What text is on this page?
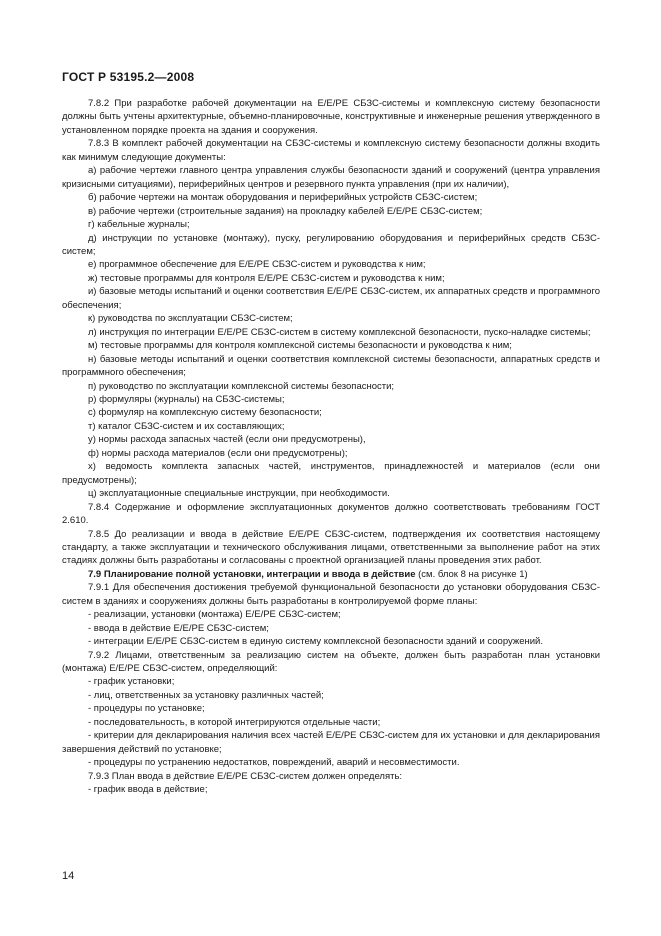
ГОСТ Р 53195.2—2008

7.8.2 При разработке рабочей документации на Е/Е/РЕ СБЗС-системы и комплексную систему безопасности должны быть учтены архитектурные, объемно-планировочные, конструктивные и инженерные решения утвержденного в установленном порядке проекта на здания и сооружения.

7.8.3 В комплект рабочей документации на СБЗС-системы и комплексную систему безопасности должны входить как минимум следующие документы:

а) рабочие чертежи главного центра управления службы безопасности зданий и сооружений (центра управления кризисными ситуациями), периферийных центров и резервного пункта управления (при их наличии),

б) рабочие чертежи на монтаж оборудования и периферийных устройств СБЗС-систем;

в) рабочие чертежи (строительные задания) на прокладку кабелей Е/Е/РЕ СБЗС-систем;

г) кабельные журналы;

д) инструкции по установке (монтажу), пуску, регулированию оборудования и периферийных средств СБЗС-систем;

е) программное обеспечение для Е/Е/РЕ СБЗС-систем и руководства к ним;

ж) тестовые программы для контроля Е/Е/РЕ СБЗС-систем и руководства к ним;

и) базовые методы испытаний и оценки соответствия Е/Е/РЕ СБЗС-систем, их аппаратных средств и программного обеспечения;

к) руководства по эксплуатации СБЗС-систем;

л) инструкция по интеграции Е/Е/РЕ СБЗС-систем в систему комплексной безопасности, пуско-наладке системы;

м) тестовые программы для контроля комплексной системы безопасности и руководства к ним;

н) базовые методы испытаний и оценки соответствия комплексной системы безопасности, аппаратных средств и программного обеспечения;

п) руководство по эксплуатации комплексной системы безопасности;

р) формуляры (журналы) на СБЗС-системы;

с) формуляр на комплексную систему безопасности;

т) каталог СБЗС-систем и их составляющих;

у) нормы расхода запасных частей (если они предусмотрены),

ф) нормы расхода материалов (если они предусмотрены);

х) ведомость комплекта запасных частей, инструментов, принадлежностей и материалов (если они предусмотрены);

ц) эксплуатационные специальные инструкции, при необходимости.

7.8.4 Содержание и оформление эксплуатационных документов должно соответствовать требованиям ГОСТ 2.610.

7.8.5 До реализации и ввода в действие Е/Е/РЕ СБЗС-систем, подтверждения их соответствия настоящему стандарту, а также эксплуатации и технического обслуживания лицами, ответственными за выполнение работ на этих стадиях должны быть разработаны и согласованы с проектной организацией планы проведения этих работ.

7.9 Планирование полной установки, интеграции и ввода в действие (см. блок 8 на рисунке 1)

7.9.1 Для обеспечения достижения требуемой функциональной безопасности до установки оборудования СБЗС-систем в зданиях и сооружениях должны быть разработаны в контролируемой форме планы:

- реализации, установки (монтажа) Е/Е/РЕ СБЗС-систем;

- ввода в действие Е/Е/РЕ СБЗС-систем;

- интеграции Е/Е/РЕ СБЗС-систем в единую систему комплексной безопасности зданий и сооружений.

7.9.2 Лицами, ответственным за реализацию систем на объекте, должен быть разработан план установки (монтажа) Е/Е/РЕ СБЗС-систем, определяющий:

- график установки;

- лиц, ответственных за установку различных частей;

- процедуры по установке;

- последовательность, в которой интегрируются отдельные части;

- критерии для декларирования наличия всех частей Е/Е/РЕ СБЗС-систем для их установки и для декларирования завершения действий по установке;

- процедуры по устранению недостатков, повреждений, аварий и несовместимости.

7.9.3 План ввода в действие Е/Е/РЕ СБЗС-систем должен определять:

- график ввода в действие;

14
